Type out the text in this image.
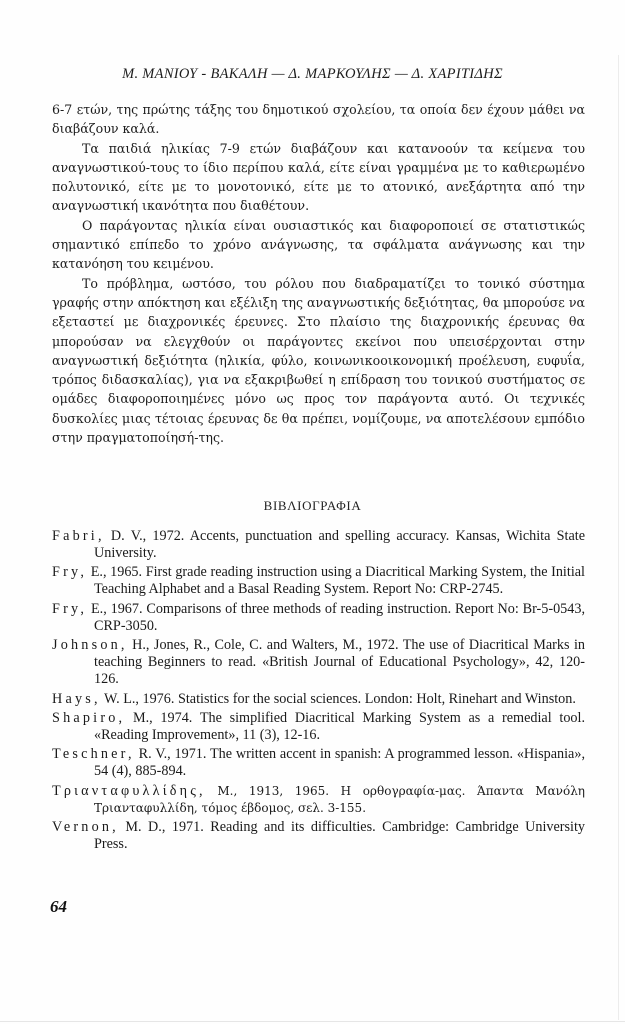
Μ. ΜΑΝΙΟΥ - ΒΑΚΑΛΗ — Δ. ΜΑΡΚΟΥΛΗΣ — Δ. ΧΑΡΙΤΙΔΗΣ

6-7 ετών, της πρώτης τάξης του δημοτικού σχολείου, τα οποία δεν έχουν μάθει να διαβάζουν καλά.

Τα παιδιά ηλικίας 7-9 ετών διαβάζουν και κατανοούν τα κείμενα του αναγνωστικού-τους το ίδιο περίπου καλά, είτε είναι γραμμένα με το καθιερωμένο πολυτονικό, είτε με το μονοτονικό, είτε με το ατονικό, ανεξάρτητα από την αναγνωστική ικανότητα που διαθέτουν.

Ο παράγοντας ηλικία είναι ουσιαστικός και διαφοροποιεί σε στατιστικώς σημαντικό επίπεδο το χρόνο ανάγνωσης, τα σφάλματα ανάγνωσης και την κατανόηση του κειμένου.

Το πρόβλημα, ωστόσο, του ρόλου που διαδραματίζει το τονικό σύστημα γραφής στην απόκτηση και εξέλιξη της αναγνωστικής δεξιότητας, θα μπορούσε να εξεταστεί με διαχρονικές έρευνες. Στο πλαίσιο της διαχρονικής έρευνας θα μπορούσαν να ελεγχθούν οι παράγοντες εκείνοι που υπεισέρχονται στην αναγνωστική δεξιότητα (ηλικία, φύλο, κοινωνικοοικονομική προέλευση, ευφυΐα, τρόπος διδασκαλίας), για να εξακριβωθεί η επίδραση του τονικού συστήματος σε ομάδες διαφοροποιημένες μόνο ως προς τον παράγοντα αυτό. Οι τεχνικές δυσκολίες μιας τέτοιας έρευνας δε θα πρέπει, νομίζουμε, να αποτελέσουν εμπόδιο στην πραγματοποίησή-της.

ΒΙΒΛΙΟΓΡΑΦΙΑ

Fabri, D. V., 1972. Accents, punctuation and spelling accuracy. Kansas, Wichita State University.

Fry, E., 1965. First grade reading instruction using a Diacritical Marking System, the Initial Teaching Alphabet and a Basal Reading System. Report No: CRP-2745.

Fry, E., 1967. Comparisons of three methods of reading instruction. Report No: Br-5-0543, CRP-3050.

Johnson, H., Jones, R., Cole, C. and Walters, M., 1972. The use of Diacritical Marks in teaching Beginners to read. «British Journal of Educational Psychology», 42, 120-126.

Hays, W. L., 1976. Statistics for the social sciences. London: Holt, Rinehart and Winston.

Shapiro, M., 1974. The simplified Diacritical Marking System as a remedial tool. «Reading Improvement», 11 (3), 12-16.

Teschner, R. V., 1971. The written accent in spanish: A programmed lesson. «Hispania», 54 (4), 885-894.

Τριανταφυλλίδης, Μ., 1913, 1965. Η ορθογραφία-μας. Άπαντα Μανόλη Τριανταφυλλίδη, τόμος έβδομος, σελ. 3-155.

Vernon, M. D., 1971. Reading and its difficulties. Cambridge: Cambridge University Press.

64
